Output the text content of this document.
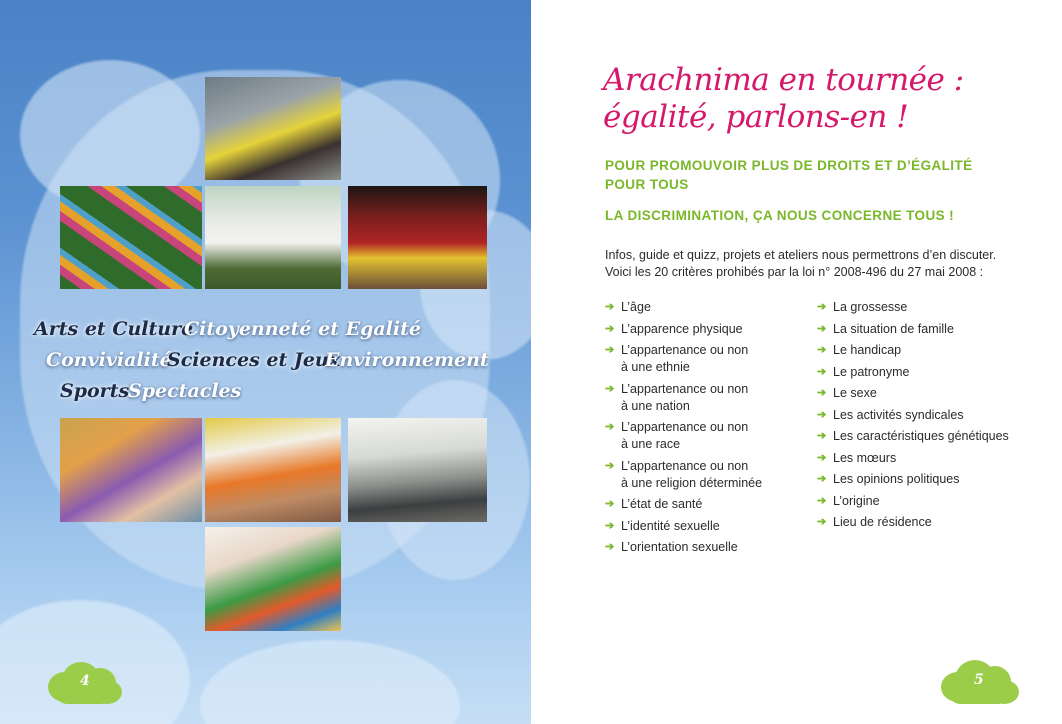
Arts et Culture
Citoyenneté et Egalité
Convivialité
Sciences et Jeux
Environnement
Sports
Spectacles
4
Arachnima en tournée :
égalité, parlons-en !
POUR PROMOUVOIR PLUS DE DROITS ET D’ÉGALITÉ
POUR TOUS
LA DISCRIMINATION, ÇA NOUS CONCERNE TOUS !
Infos, guide et quizz, projets et ateliers nous permettrons d’en discuter.
Voici les 20 critères prohibés par la loi n° 2008-496 du 27 mai 2008 :
➔ L’âge
➔ L’apparence physique
➔ L’appartenance ou non
à une ethnie
➔ L’appartenance ou non
à une nation
➔ L’appartenance ou non
à une race
➔ L’appartenance ou non
à une religion déterminée
➔ L’état de santé
➔ L’identité sexuelle
➔ L’orientation sexuelle
➔ La grossesse
➔ La situation de famille
➔ Le handicap
➔ Le patronyme
➔ Le sexe
➔ Les activités syndicales
➔ Les caractéristiques génétiques
➔ Les mœurs
➔ Les opinions politiques
➔ L’origine
➔ Lieu de résidence
5
